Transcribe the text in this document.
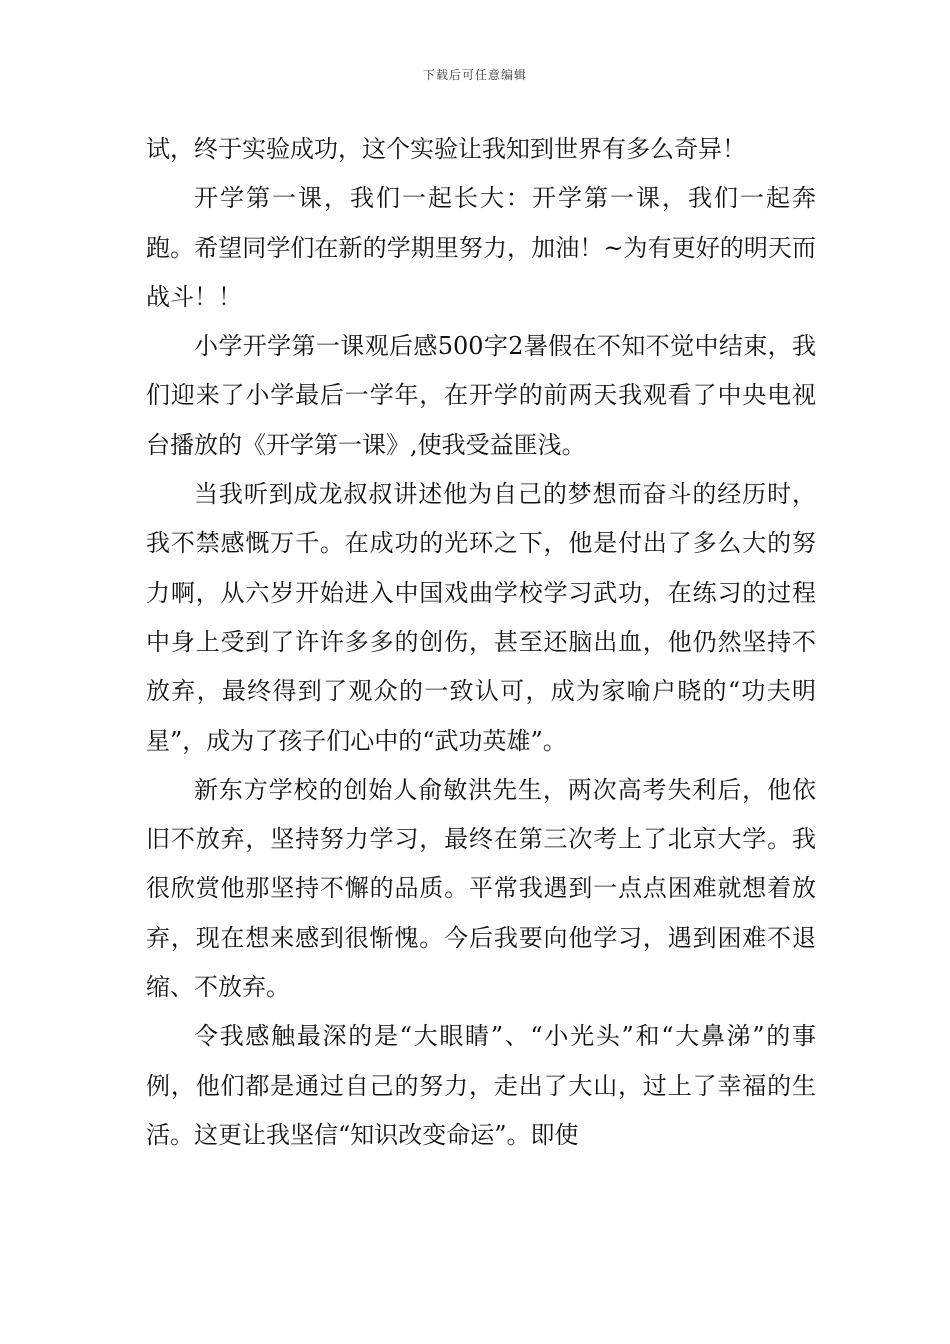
下载后可任意编辑

试，终于实验成功，这个实验让我知到世界有多么奇异！

开学第一课，我们一起长大：开学第一课，我们一起奔跑。希望同学们在新的学期里努力，加油！~为有更好的明天而战斗！！

小学开学第一课观后感500字2暑假在不知不觉中结束，我们迎来了小学最后一学年，在开学的前两天我观看了中央电视台播放的《开学第一课》,使我受益匪浅。

当我听到成龙叔叔讲述他为自己的梦想而奋斗的经历时，我不禁感慨万千。在成功的光环之下，他是付出了多么大的努力啊，从六岁开始进入中国戏曲学校学习武功，在练习的过程中身上受到了许许多多的创伤，甚至还脑出血，他仍然坚持不放弃，最终得到了观众的一致认可，成为家喻户晓的“功夫明星”，成为了孩子们心中的“武功英雄”。

新东方学校的创始人俞敏洪先生，两次高考失利后，他依旧不放弃，坚持努力学习，最终在第三次考上了北京大学。我很欣赏他那坚持不懈的品质。平常我遇到一点点困难就想着放弃，现在想来感到很惭愧。今后我要向他学习，遇到困难不退缩、不放弃。

令我感触最深的是“大眼睛”、“小光头”和“大鼻涕”的事例，他们都是通过自己的努力，走出了大山，过上了幸福的生活。这更让我坚信“知识改变命运”。即使
